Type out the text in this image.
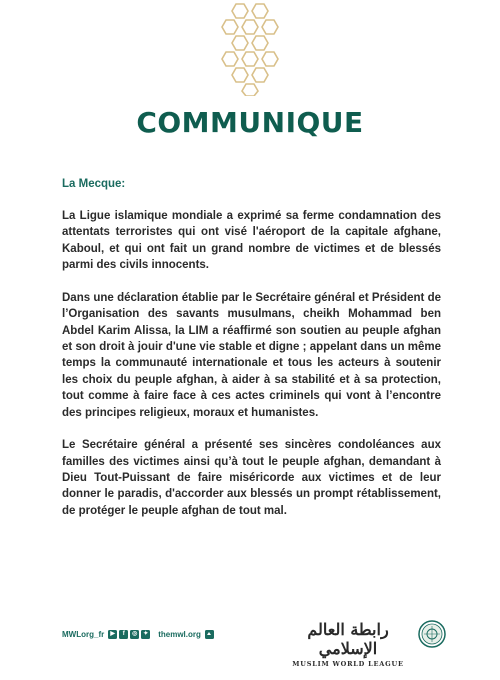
COMMUNIQUE
La Mecque:

La Ligue islamique mondiale a exprimé sa ferme condamnation des attentats terroristes qui ont visé l'aéroport de la capitale afghane, Kaboul, et qui ont fait un grand nombre de victimes et de blessés parmi des civils innocents.

Dans une déclaration établie par le Secrétaire général et Président de l’Organisation des savants musulmans, cheikh Mohammad ben Abdel Karim Alissa, la LIM a réaffirmé son soutien au peuple afghan et son droit à jouir d'une vie stable et digne ; appelant dans un même temps la communauté internationale et tous les acteurs à soutenir les choix du peuple afghan, à aider à sa stabilité et à sa protection, tout comme à faire face à ces actes criminels qui vont à l’encontre des principes religieux, moraux et humanistes.

Le Secrétaire général a présenté ses sincères condoléances aux familles des victimes ainsi qu’à tout le peuple afghan, demandant à Dieu Tout-Puissant de faire miséricorde aux victimes et de leur donner le paradis, d'accorder aux blessés un prompt rétablissement, de protéger le peuple afghan de tout mal.

MWLorg_fr	▶	f	◎ ✦ themwl.org	رابطة العالم الإسلامي
MUSLIM WORLD LEAGUE
